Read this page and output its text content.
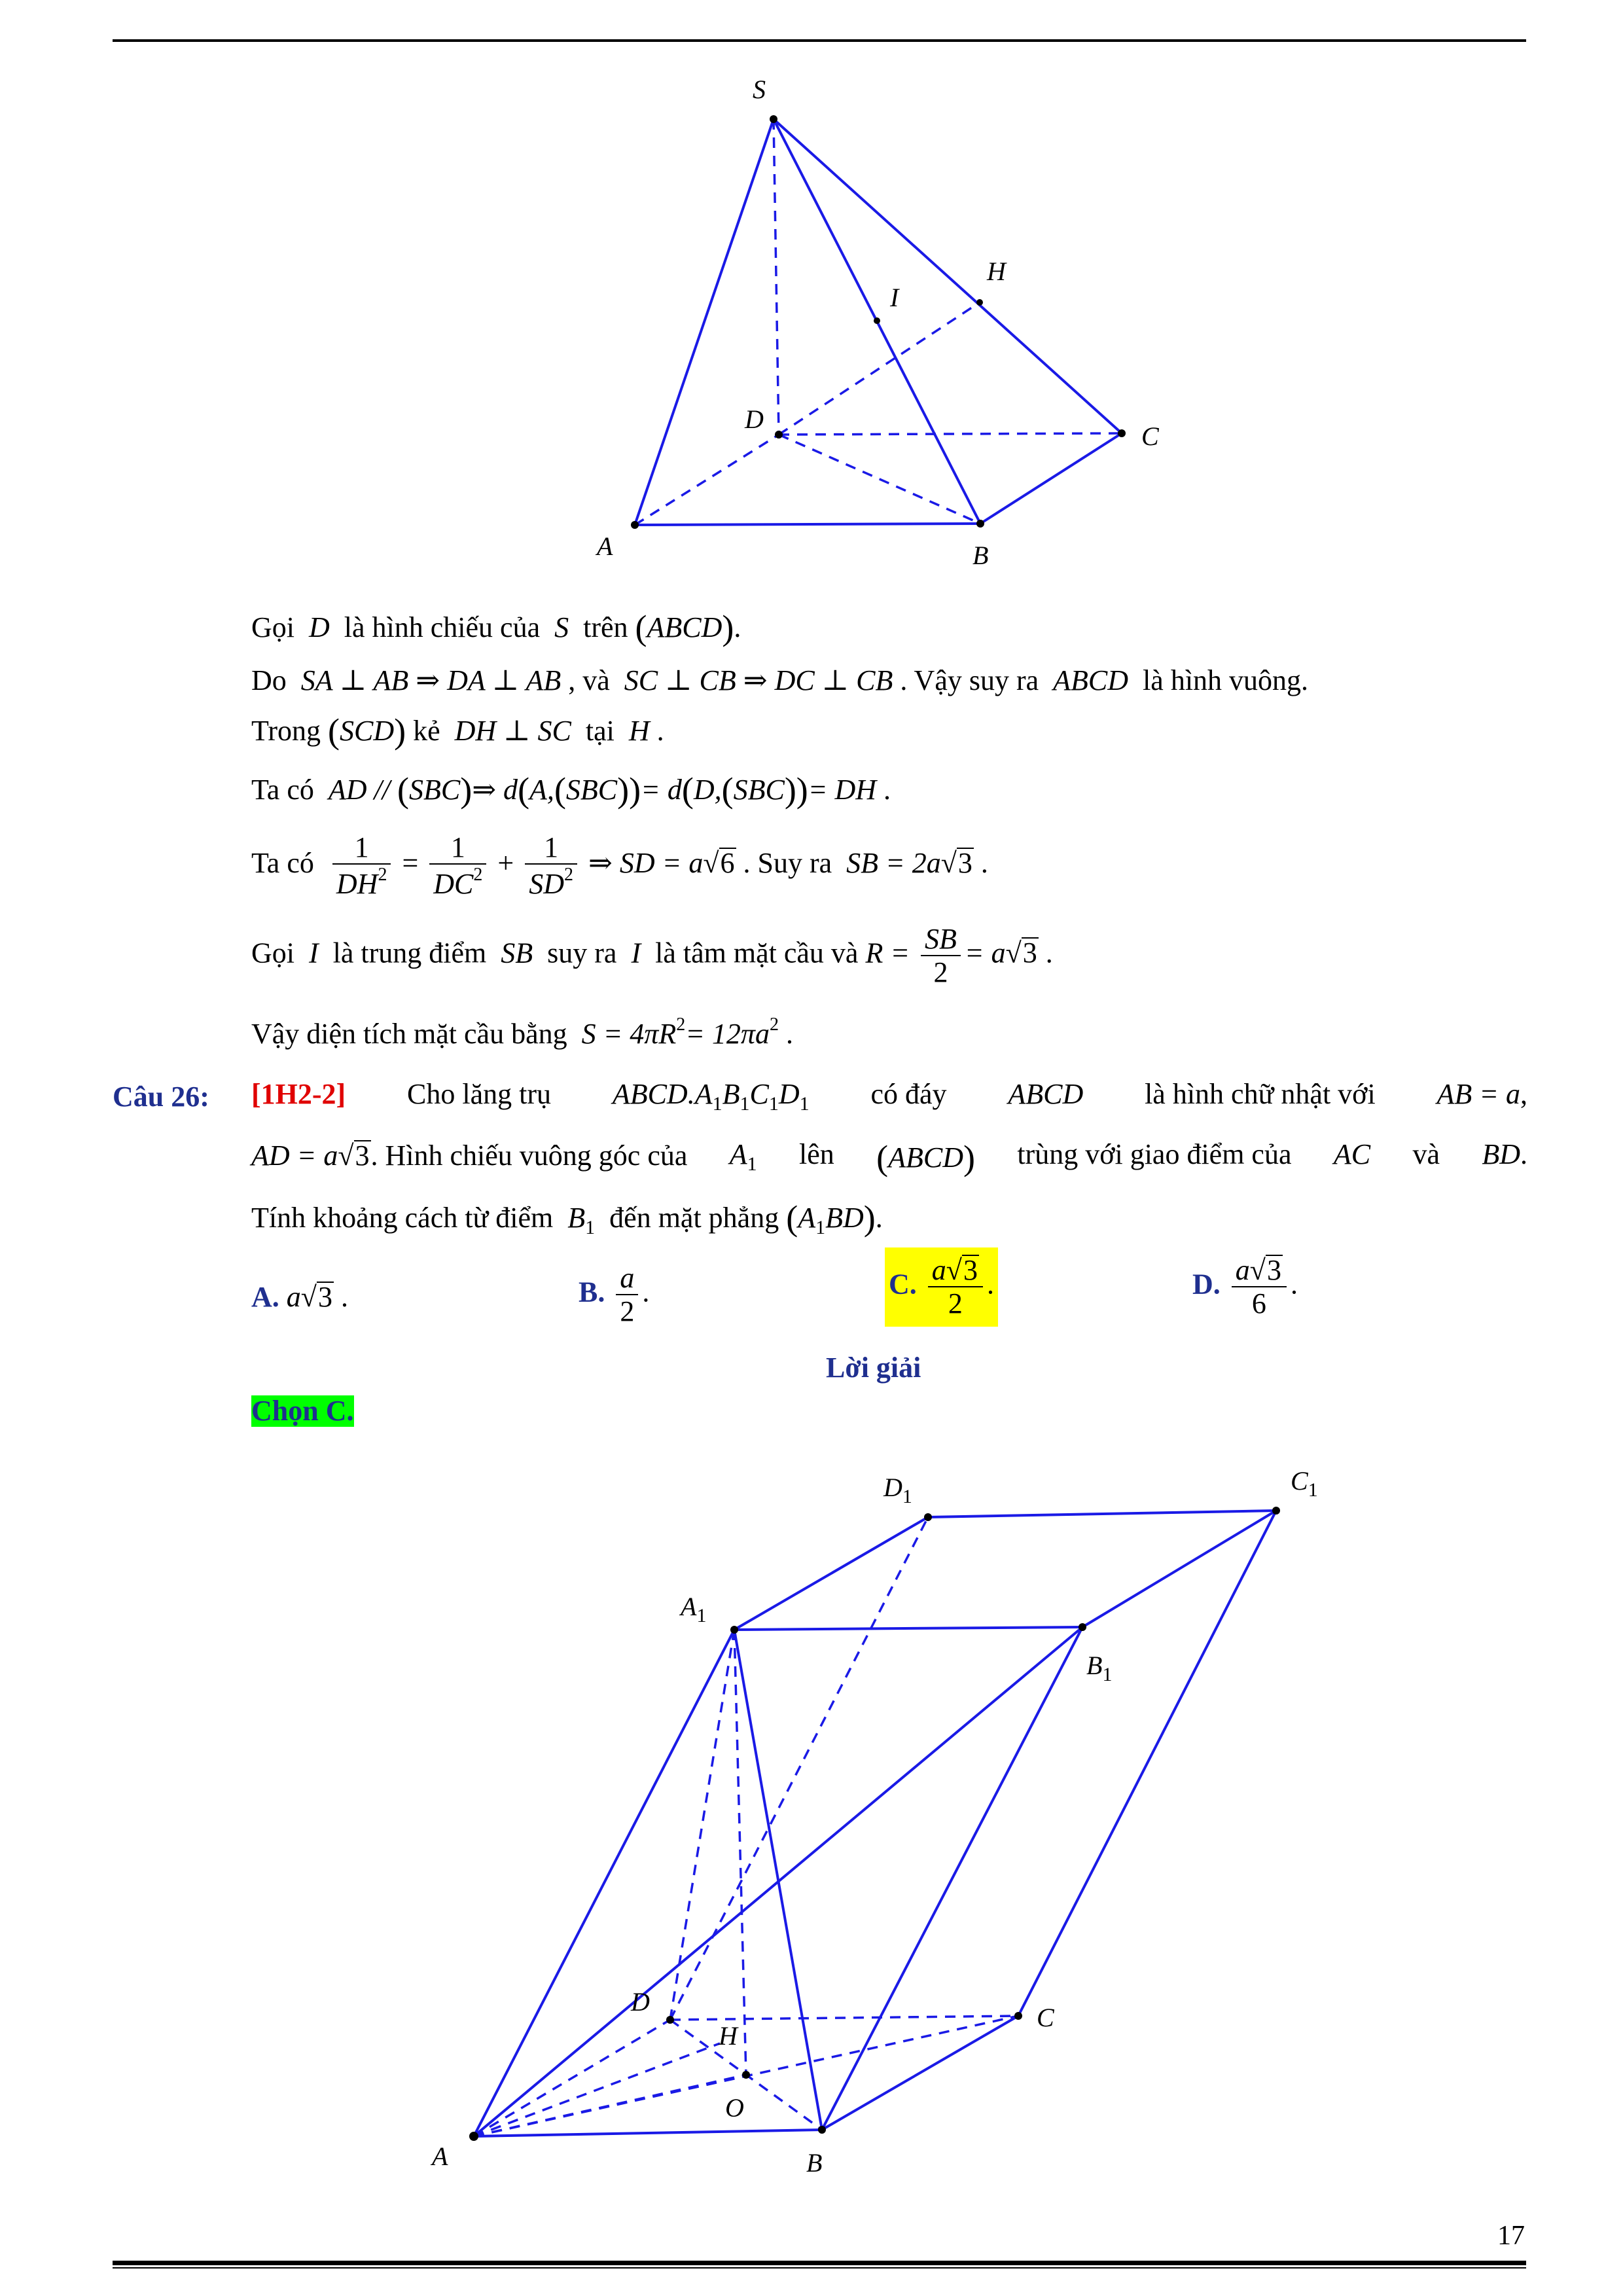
S
H
I
D
C
A	B
Gọi D là hình chiếu của S trên (ABCD).
Do SA ⊥ AB ⇒ DA ⊥ AB , và SC ⊥ CB ⇒ DC ⊥ CB . Vậy suy ra ABCD là hình vuông.
Trong (SCD) kẻ DH ⊥ SC tại H .
Ta có AD // (SBC)⇒ d(A,(SBC))= d(D,(SBC))= DH .
Ta có $\frac{1}{DH^2} = \frac{1}{DC^2} + \frac{1}{SD^2}$ ⇒ SD = a√6 . Suy ra SB = 2a√3 .
Gọi I là trung điểm SB suy ra I là tâm mặt cầu và $R = \frac{SB}{2} = a√3$ .
Vậy diện tích mặt cầu bằng $S = 4\pi R^2= 12\pi a^2$ .
Câu 26: [1H2-2] Cho lăng trụ $ABCD.A_1B_1C_1D_1$ có đáy ABCD là hình chữ nhật với AB = a,
AD = a√3. Hình chiếu vuông góc của $A_1$ lên (ABCD) trùng với giao điểm của AC và BD.
Tính khoảng cách từ điểm $B_1$ đến mặt phẳng $(A_1BD)$.
A. a√3 .	B. $\frac{a}{2}$ .	C. $\frac{a√3}{2}$ .	D. $\frac{a√3}{6}$ .
Lời giải
Chọn C.
$D_1$
$C_1$
$A_1$
$B_1$
D
H
C
O
A	B
17
